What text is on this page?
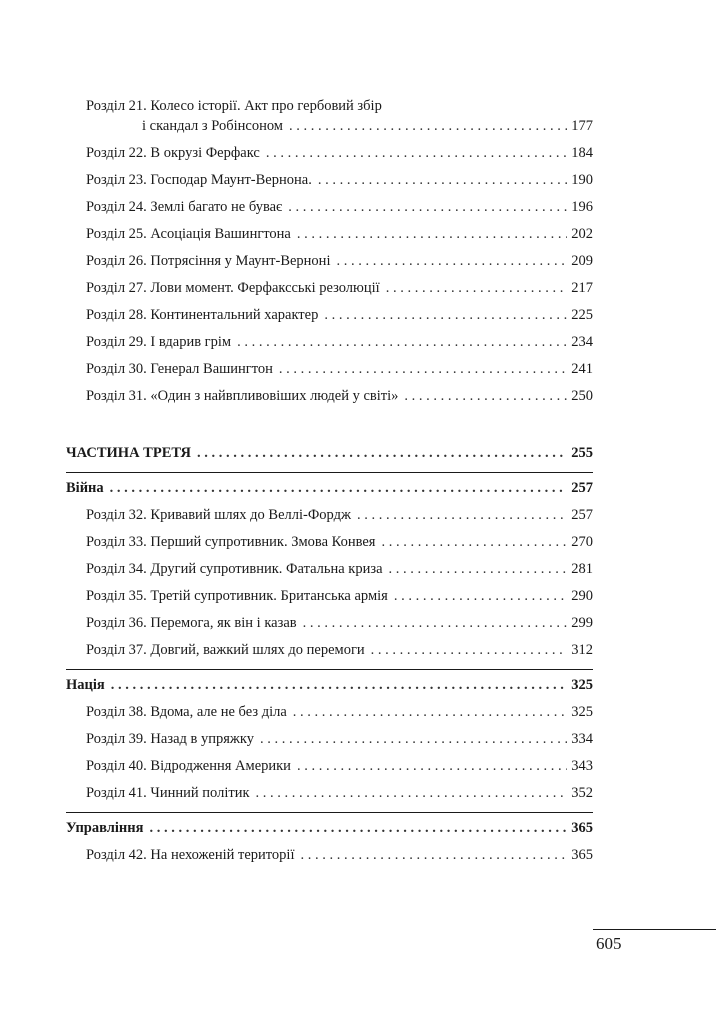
Розділ 21. Колесо історії. Акт про гербовий збір
і скандал з Робінсоном . . .	177
Розділ 22. В окрузі Ферфакс . . .	184
Розділ 23. Господар Маунт-Вернона. . . .	190
Розділ 24. Землі багато не буває . . .	196
Розділ 25. Асоціація Вашингтона . . .	202
Розділ 26. Потрясіння у Маунт-Верноні . . .	209
Розділ 27. Лови момент. Ферфаксські резолюції . . .	217
Розділ 28. Континентальний характер . . .	225
Розділ 29. І вдарив грім . . .	234
Розділ 30. Генерал Вашингтон . . .	241
Розділ 31. «Один з найвпливовіших людей у світі» . . .	250
ЧАСТИНА ТРЕТЯ . . .	255
Війна . . .	257
Розділ 32. Кривавий шлях до Веллі-Фордж . . .	257
Розділ 33. Перший супротивник. Змова Конвея . . .	270
Розділ 34. Другий супротивник. Фатальна криза . . .	281
Розділ 35. Третій супротивник. Британська армія . . .	290
Розділ 36. Перемога, як він і казав . . .	299
Розділ 37. Довгий, важкий шлях до перемоги . . .	312
Нація . . .	325
Розділ 38. Вдома, але не без діла . . .	325
Розділ 39. Назад в упряжку . . .	334
Розділ 40. Відродження Америки . . .	343
Розділ 41. Чинний політик . . .	352
Управління . . .	365
Розділ 42. На нехоженій території . . .	365
605
